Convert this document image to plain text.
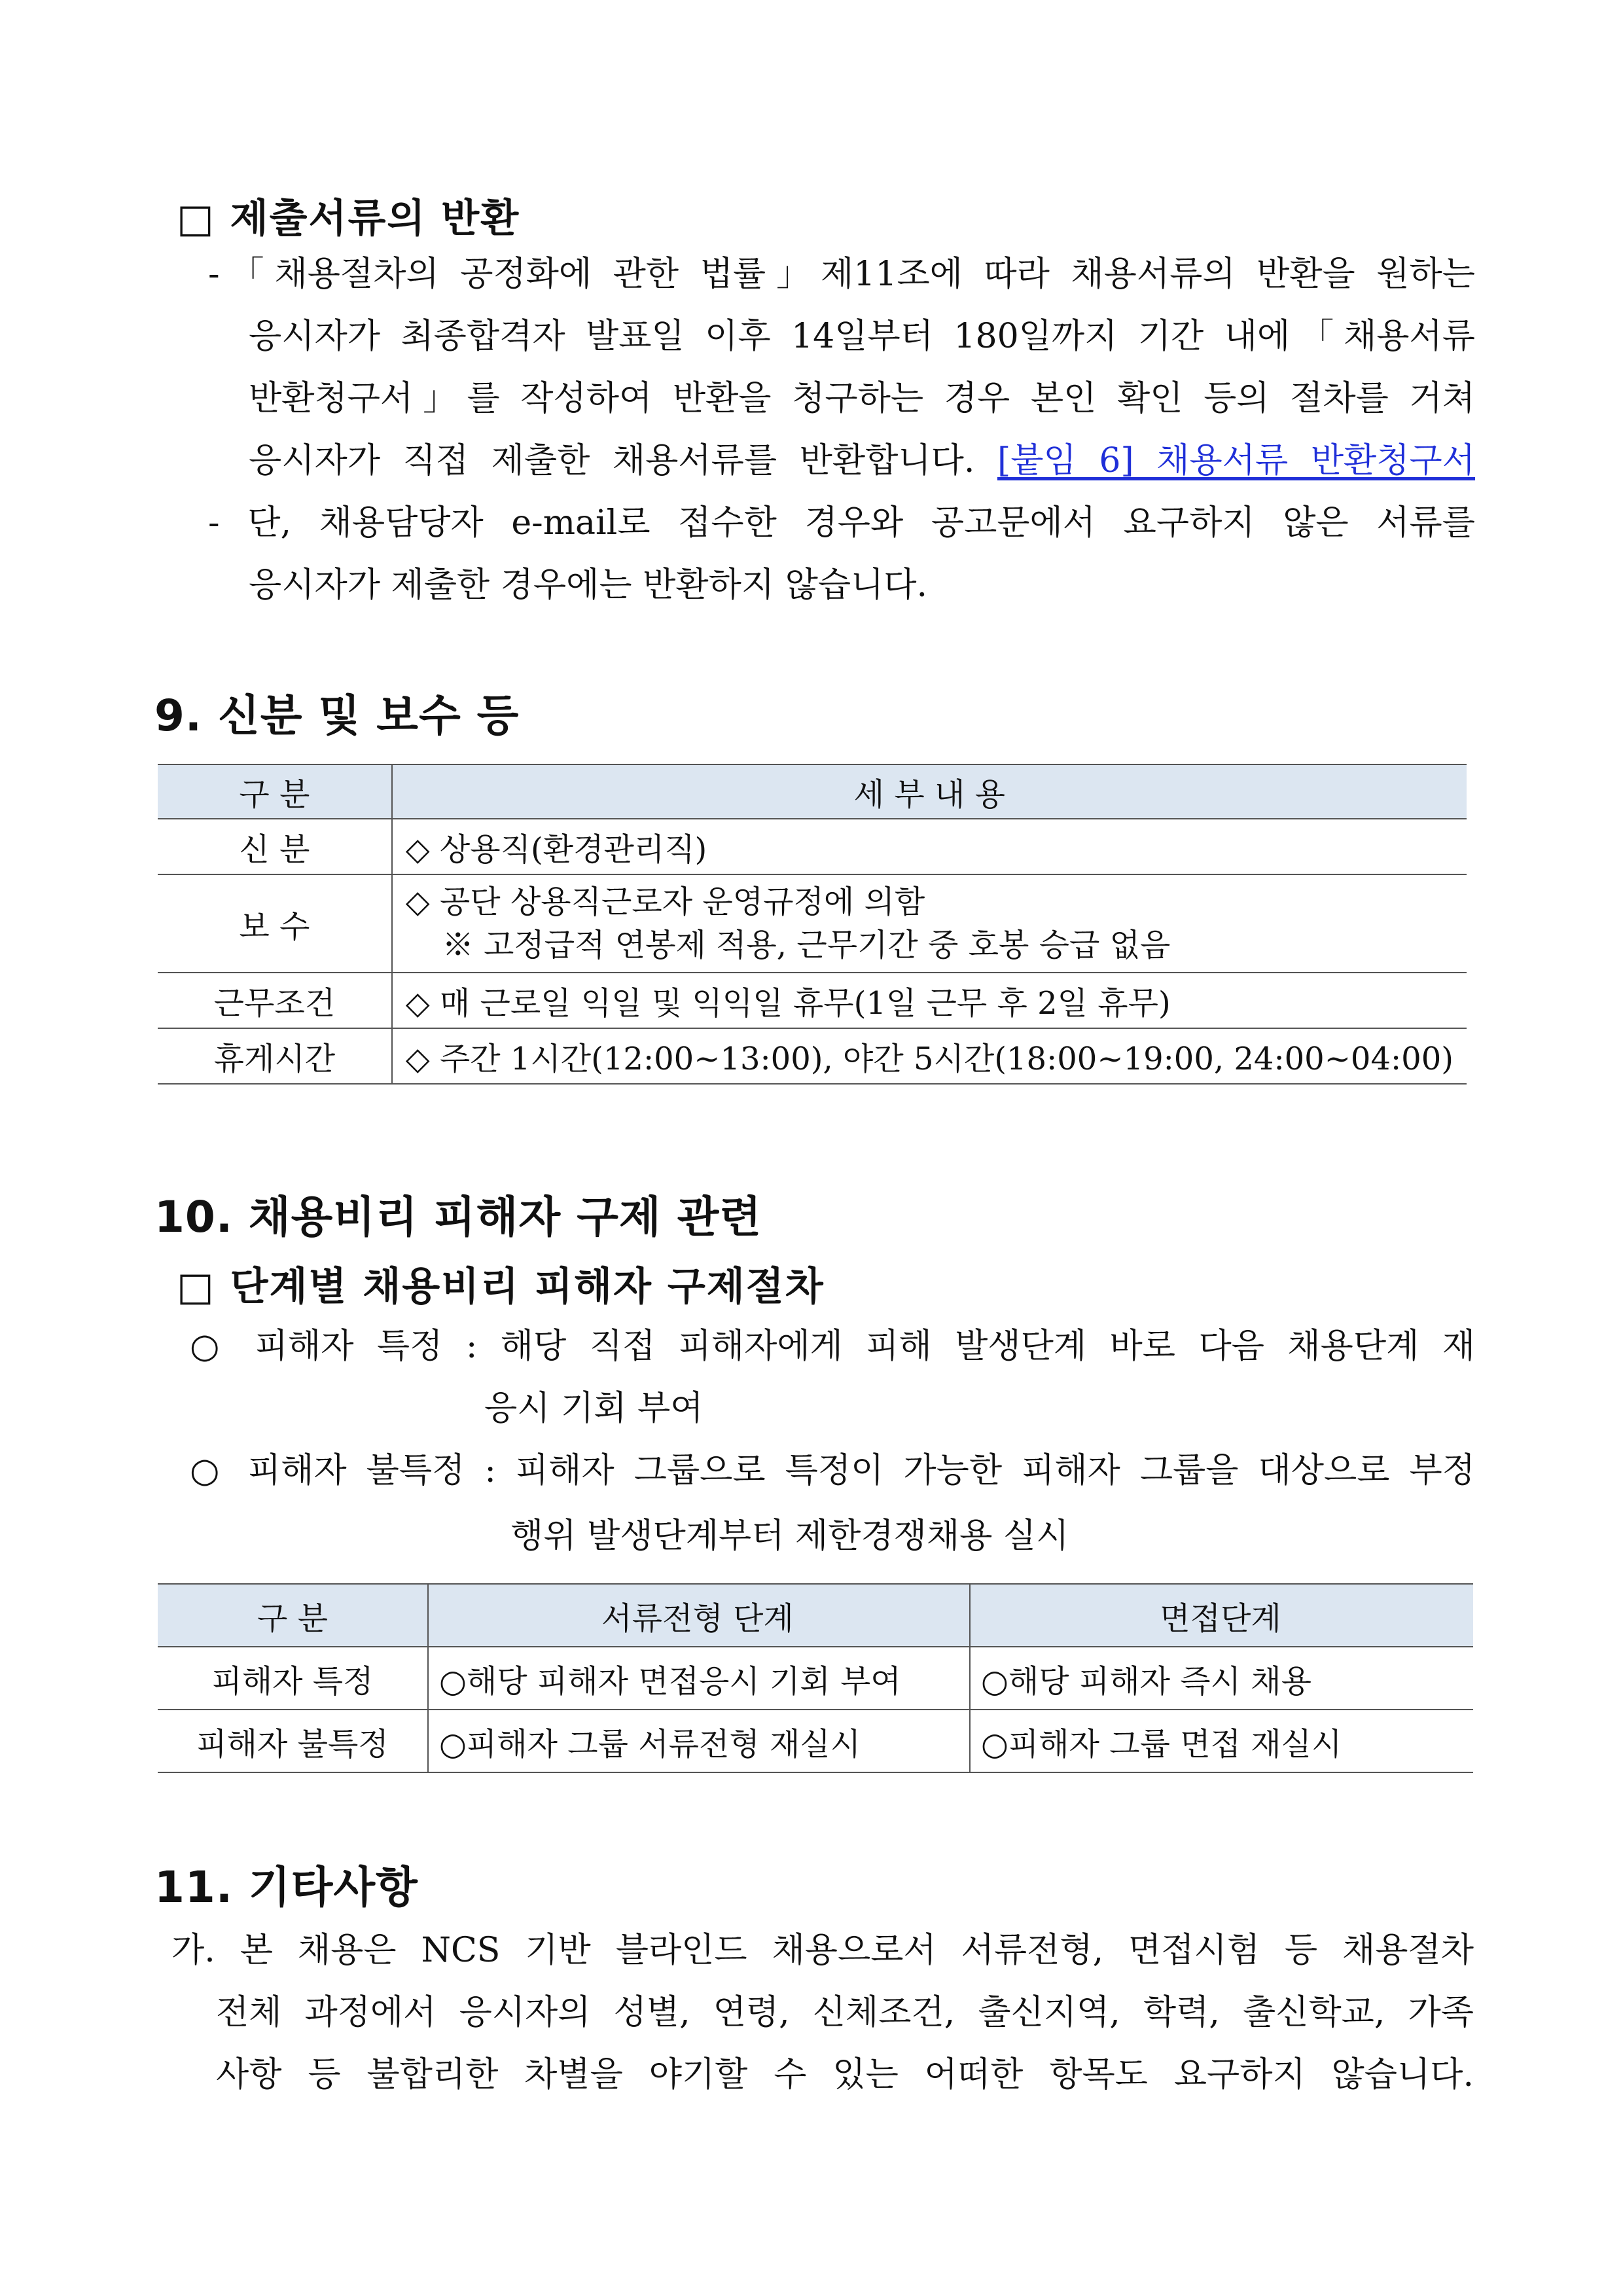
□ 제출서류의 반환
-「채용절차의 공정화에 관한 법률」제11조에 따라 채용서류의 반환을 원하는
응시자가 최종합격자 발표일 이후 14일부터 180일까지 기간 내에「채용서류
반환청구서」를 작성하여 반환을 청구하는 경우 본인 확인 등의 절차를 거쳐
응시자가 직접 제출한 채용서류를 반환합니다. [붙임 6] 채용서류 반환청구서
- 단, 채용담당자 e-mail로 접수한 경우와 공고문에서 요구하지 않은 서류를
응시자가 제출한 경우에는 반환하지 않습니다.
9. 신분 및 보수 등
구 분	세 부 내 용
신 분	◇ 상용직(환경관리직)
보 수	◇ 공단 상용직근로자 운영규정에 의함
※ 고정급적 연봉제 적용, 근무기간 중 호봉 승급 없음

근무조건	◇ 매 근로일 익일 및 익익일 휴무(1일 근무 후 2일 휴무)
휴게시간	◇ 주간 1시간(12:00~13:00), 야간 5시간(18:00~19:00, 24:00~04:00)
10. 채용비리 피해자 구제 관련
□ 단계별 채용비리 피해자 구제절차
○ 피해자 특정 : 해당 직접 피해자에게 피해 발생단계 바로 다음 채용단계 재
응시 기회 부여
○ 피해자 불특정 : 피해자 그룹으로 특정이 가능한 피해자 그룹을 대상으로 부정
행위 발생단계부터 제한경쟁채용 실시
구 분	서류전형 단계	면접단계
피해자 특정	○해당 피해자 면접응시 기회 부여	○해당 피해자 즉시 채용
피해자 불특정	○피해자 그룹 서류전형 재실시	○피해자 그룹 면접 재실시
11. 기타사항
가. 본 채용은 NCS 기반 블라인드 채용으로서 서류전형, 면접시험 등 채용절차
전체 과정에서 응시자의 성별, 연령, 신체조건, 출신지역, 학력, 출신학교, 가족
사항 등 불합리한 차별을 야기할 수 있는 어떠한 항목도 요구하지 않습니다.
